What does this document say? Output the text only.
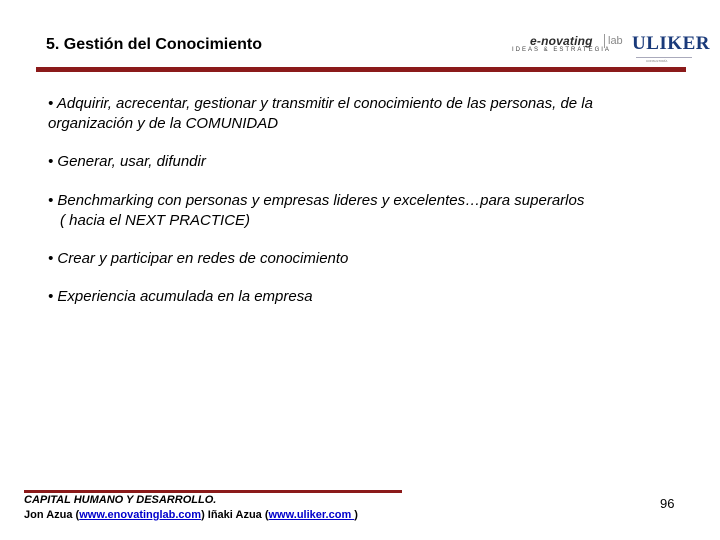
5. Gestión del Conocimiento	e-novating	lab
IDEAS & ESTRATEGIA ULIKER
CONSULTORÍA
• Adquirir, acrecentar, gestionar y transmitir el conocimiento de las personas, de la
organización y de la COMUNIDAD
• Generar, usar, difundir
• Benchmarking con personas y empresas lideres y excelentes…para superarlos
( hacia el NEXT PRACTICE)
• Crear y participar en redes de conocimiento
• Experiencia acumulada en la empresa
CAPITAL HUMANO Y DESARROLLO.
Jon Azua (www.enovatinglab.com) Iñaki Azua (www.uliker.com )
96
